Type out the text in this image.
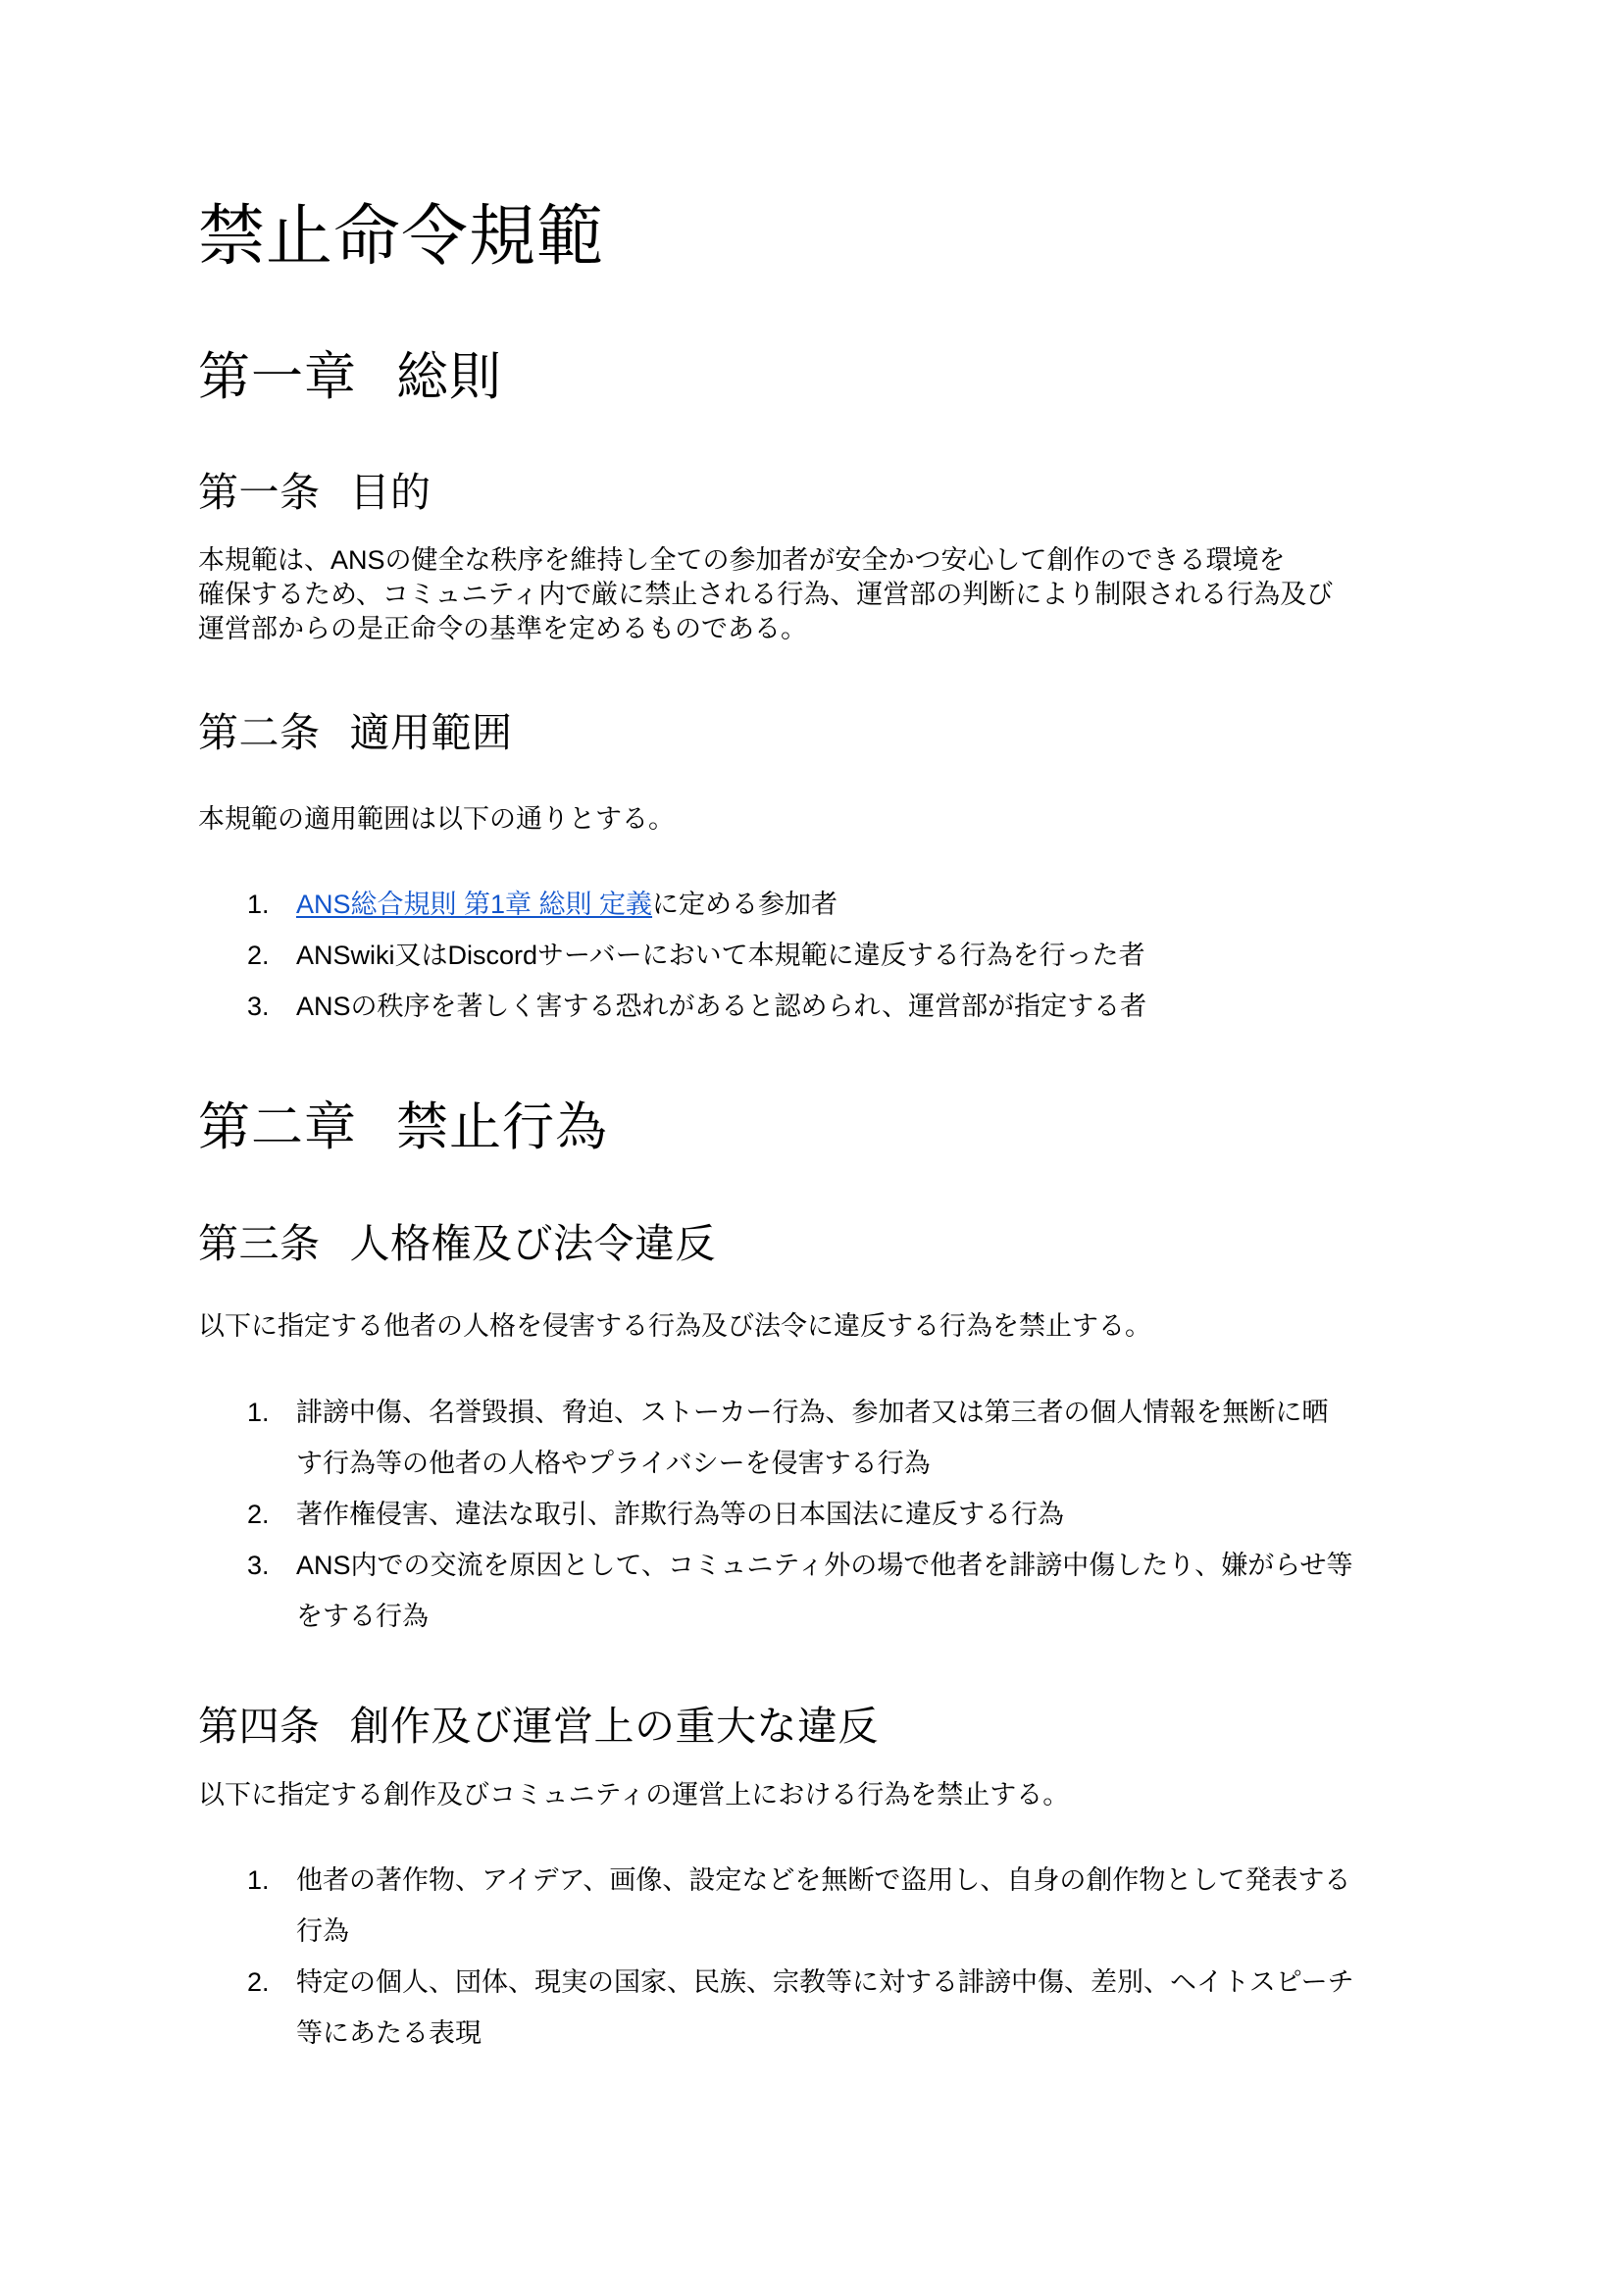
禁止命令規範
第一章 総則
第一条 目的
本規範は、ANSの健全な秩序を維持し全ての参加者が安全かつ安心して創作のできる環境を
確保するため、コミュニティ内で厳に禁止される行為、運営部の判断により制限される行為及び
運営部からの是正命令の基準を定めるものである。
第二条 適用範囲
本規範の適用範囲は以下の通りとする。
1.	ANS総合規則 第1章 総則 定義に定める参加者
2.	ANSwiki又はDiscordサーバーにおいて本規範に違反する行為を行った者
3.	ANSの秩序を著しく害する恐れがあると認められ、運営部が指定する者
第二章 禁止行為
第三条 人格権及び法令違反
以下に指定する他者の人格を侵害する行為及び法令に違反する行為を禁止する。
1.	誹謗中傷、名誉毀損、脅迫、ストーカー行為、参加者又は第三者の個人情報を無断に晒
す行為等の他者の人格やプライバシーを侵害する行為
2.	著作権侵害、違法な取引、詐欺行為等の日本国法に違反する行為
3.	ANS内での交流を原因として、コミュニティ外の場で他者を誹謗中傷したり、嫌がらせ等
をする行為
第四条 創作及び運営上の重大な違反
以下に指定する創作及びコミュニティの運営上における行為を禁止する。
1.	他者の著作物、アイデア、画像、設定などを無断で盗用し、自身の創作物として発表する
行為
2.	特定の個人、団体、現実の国家、民族、宗教等に対する誹謗中傷、差別、ヘイトスピーチ
等にあたる表現
